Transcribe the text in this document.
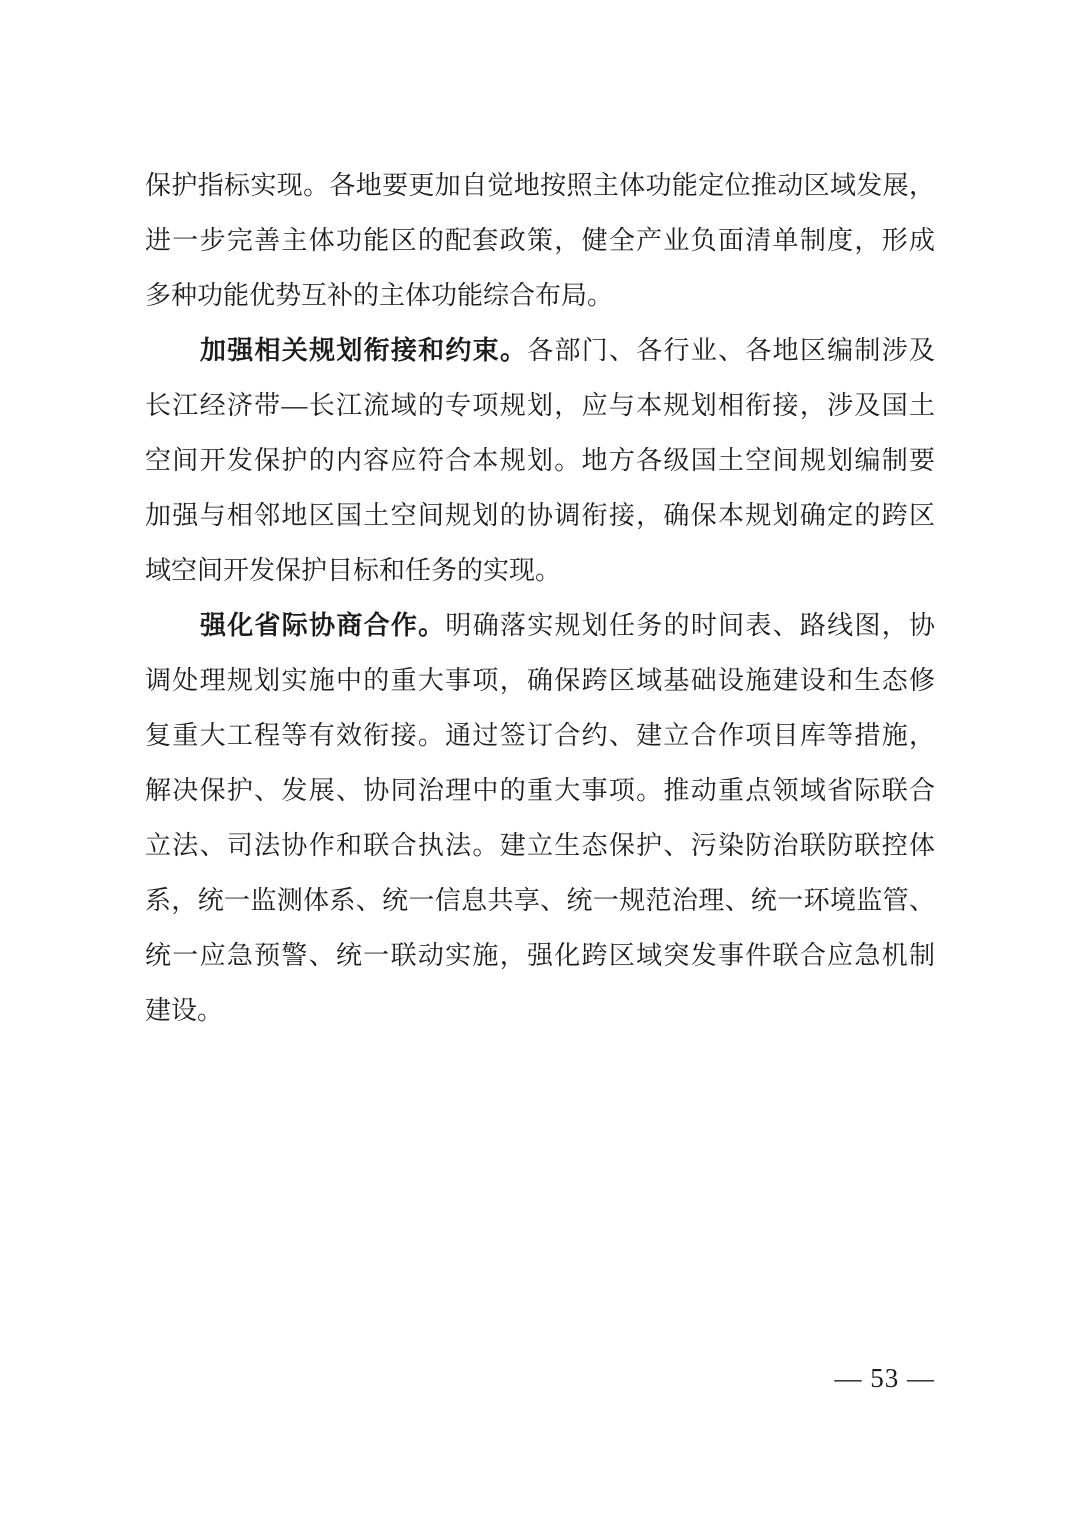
保护指标实现。各地要更加自觉地按照主体功能定位推动区域发展，
进一步完善主体功能区的配套政策，健全产业负面清单制度，形成
多种功能优势互补的主体功能综合布局。
加强相关规划衔接和约束。各部门、各行业、各地区编制涉及
长江经济带—长江流域的专项规划，应与本规划相衔接，涉及国土
空间开发保护的内容应符合本规划。地方各级国土空间规划编制要
加强与相邻地区国土空间规划的协调衔接，确保本规划确定的跨区
域空间开发保护目标和任务的实现。
强化省际协商合作。明确落实规划任务的时间表、路线图，协
调处理规划实施中的重大事项，确保跨区域基础设施建设和生态修
复重大工程等有效衔接。通过签订合约、建立合作项目库等措施，
解决保护、发展、协同治理中的重大事项。推动重点领域省际联合
立法、司法协作和联合执法。建立生态保护、污染防治联防联控体
系，统一监测体系、统一信息共享、统一规范治理、统一环境监管、
统一应急预警、统一联动实施，强化跨区域突发事件联合应急机制
建设。
— 53 —
